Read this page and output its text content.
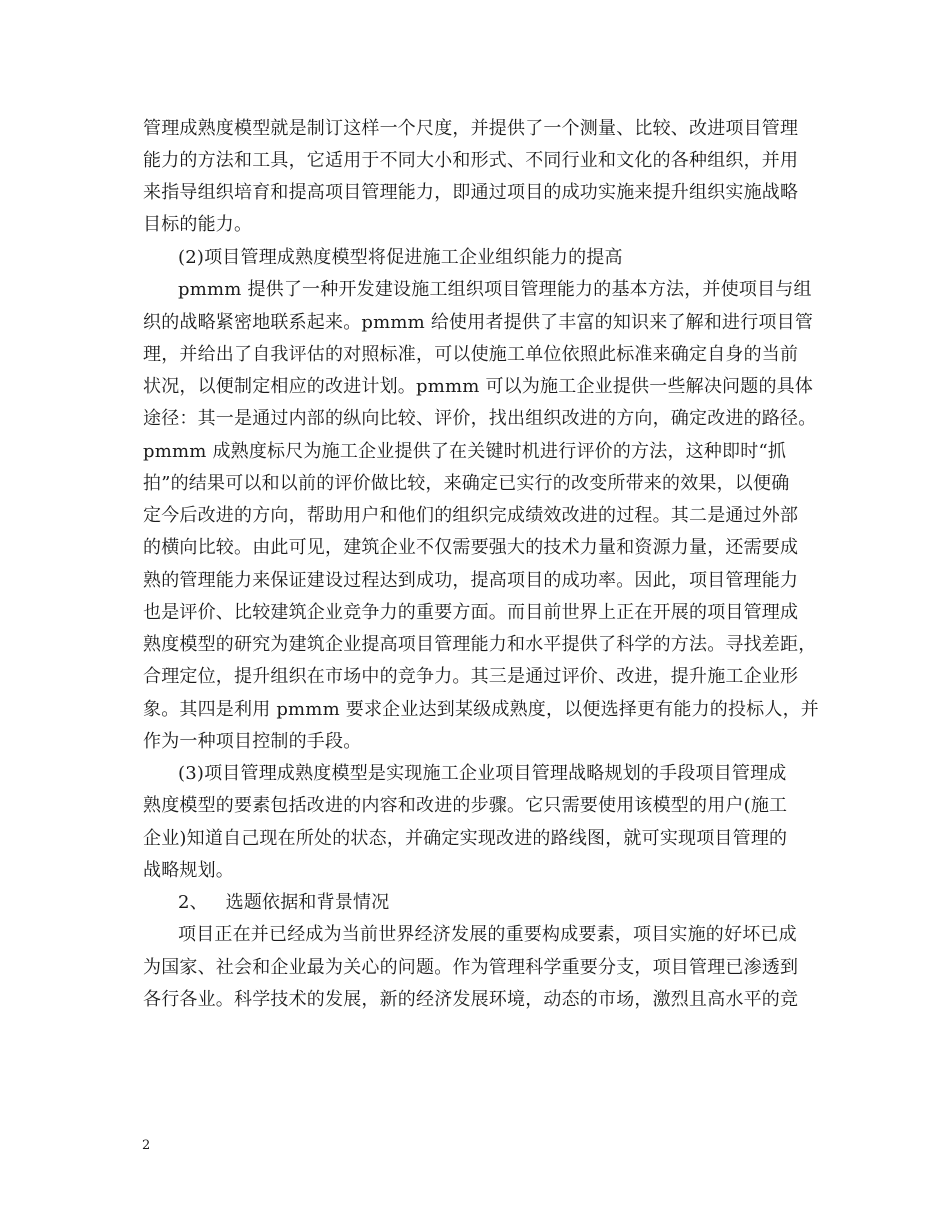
管理成熟度模型就是制订这样一个尺度，并提供了一个测量、比较、改进项目管理
能力的方法和工具，它适用于不同大小和形式、不同行业和文化的各种组织，并用
来指导组织培育和提高项目管理能力，即通过项目的成功实施来提升组织实施战略
目标的能力。
(2)项目管理成熟度模型将促进施工企业组织能力的提高
pmmm 提供了一种开发建设施工组织项目管理能力的基本方法，并使项目与组
织的战略紧密地联系起来。pmmm 给使用者提供了丰富的知识来了解和进行项目管
理，并给出了自我评估的对照标准，可以使施工单位依照此标准来确定自身的当前
状况，以便制定相应的改进计划。pmmm 可以为施工企业提供一些解决问题的具体
途径：其一是通过内部的纵向比较、评价，找出组织改进的方向，确定改进的路径。
pmmm 成熟度标尺为施工企业提供了在关键时机进行评价的方法，这种即时“抓
拍”的结果可以和以前的评价做比较，来确定已实行的改变所带来的效果，以便确
定今后改进的方向，帮助用户和他们的组织完成绩效改进的过程。其二是通过外部
的横向比较。由此可见，建筑企业不仅需要强大的技术力量和资源力量，还需要成
熟的管理能力来保证建设过程达到成功，提高项目的成功率。因此，项目管理能力
也是评价、比较建筑企业竞争力的重要方面。而目前世界上正在开展的项目管理成
熟度模型的研究为建筑企业提高项目管理能力和水平提供了科学的方法。寻找差距，
合理定位，提升组织在市场中的竞争力。其三是通过评价、改进，提升施工企业形
象。其四是利用 pmmm 要求企业达到某级成熟度，以便选择更有能力的投标人，并
作为一种项目控制的手段。
(3)项目管理成熟度模型是实现施工企业项目管理战略规划的手段项目管理成
熟度模型的要素包括改进的内容和改进的步骤。它只需要使用该模型的用户(施工
企业)知道自己现在所处的状态，并确定实现改进的路线图，就可实现项目管理的
战略规划。
2、   选题依据和背景情况
项目正在并已经成为当前世界经济发展的重要构成要素，项目实施的好坏已成
为国家、社会和企业最为关心的问题。作为管理科学重要分支，项目管理已渗透到
各行各业。科学技术的发展，新的经济发展环境，动态的市场，激烈且高水平的竞
2
